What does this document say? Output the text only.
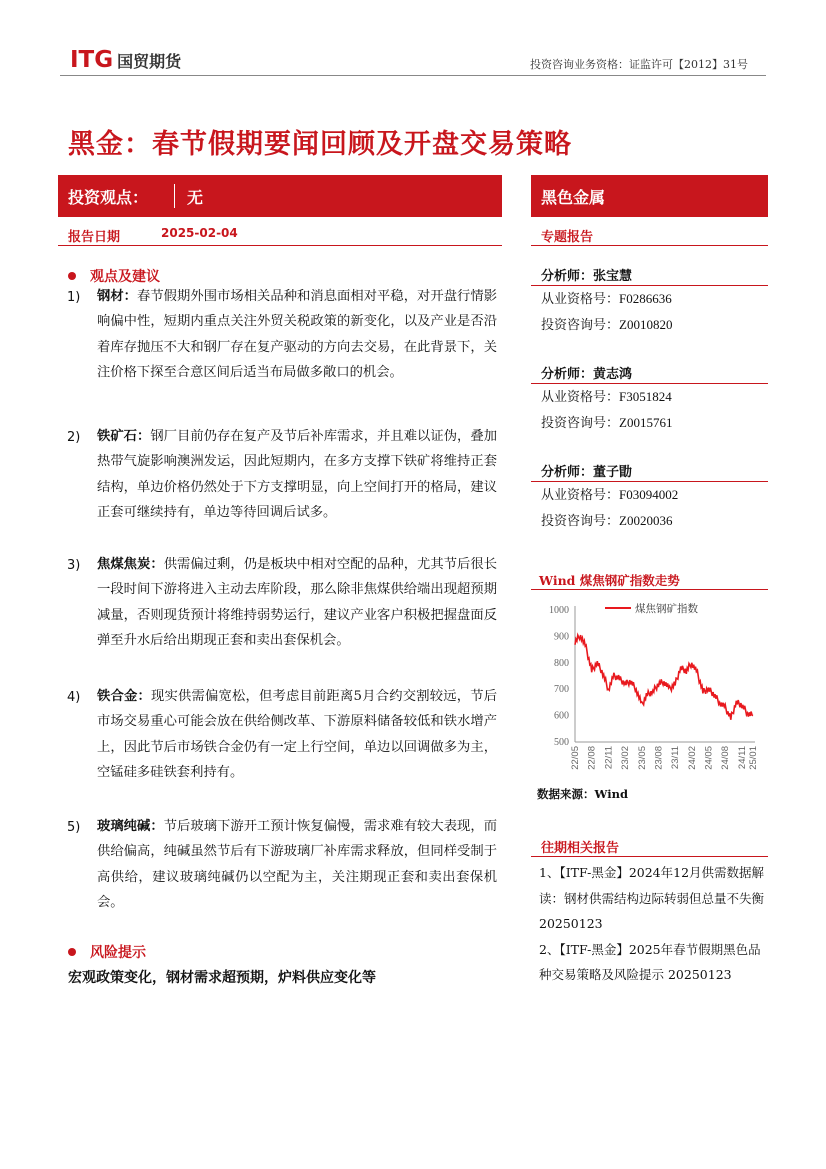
ITG 国贸期货	投资咨询业务资格：证监许可【2012】31号
黑金：春节假期要闻回顾及开盘交易策略
投资观点：	无	黑色金属
报告日期	2025-02-04	专题报告
观点及建议
1) 钢材：春节假期外围市场相关品种和消息面相对平稳，对开盘行情影响偏中性，短期内重点关注外贸关税政策的新变化，以及产业是否沿着库存抛压不大和钢厂存在复产驱动的方向去交易，在此背景下，关注价格下探至合意区间后适当布局做多敞口的机会。
2) 铁矿石：钢厂目前仍存在复产及节后补库需求，并且难以证伪，叠加热带气旋影响澳洲发运，因此短期内，在多方支撑下铁矿将维持正套结构，单边价格仍然处于下方支撑明显，向上空间打开的格局，建议正套可继续持有，单边等待回调后试多。
3) 焦煤焦炭：供需偏过剩，仍是板块中相对空配的品种，尤其节后很长一段时间下游将进入主动去库阶段，那么除非焦煤供给端出现超预期减量，否则现货预计将维持弱势运行，建议产业客户积极把握盘面反弹至升水后给出期现正套和卖出套保机会。
4) 铁合金：现实供需偏宽松，但考虑目前距离5月合约交割较远，节后市场交易重心可能会放在供给侧改革、下游原料储备较低和铁水增产上，因此节后市场铁合金仍有一定上行空间，单边以回调做多为主，空锰硅多硅铁套利持有。
5) 玻璃纯碱：节后玻璃下游开工预计恢复偏慢，需求难有较大表现，而供给偏高，纯碱虽然节后有下游玻璃厂补库需求释放，但同样受制于高供给，建议玻璃纯碱仍以空配为主，关注期现正套和卖出套保机会。
风险提示
宏观政策变化，钢材需求超预期，炉料供应变化等
分析师：张宝慧
从业资格号：F0286636
投资咨询号：Z0010820
分析师：黄志鸿
从业资格号：F3051824
投资咨询号：Z0015761
分析师：董子勖
从业资格号：F03094002
投资咨询号：Z0020036
Wind 煤焦钢矿指数走势
500
600
700
800
900
1000
22/05 22/08 22/11 23/02 23/05 23/08 23/11 24/02 24/05 24/08 24/11 25/01
煤焦钢矿指数
数据来源：Wind
往期相关报告
1、【ITF-黑金】2024年12月供需数据解读：钢材供需结构边际转弱但总量不失衡 20250123
2、【ITF-黑金】2025年春节假期黑色品种交易策略及风险提示 20250123
